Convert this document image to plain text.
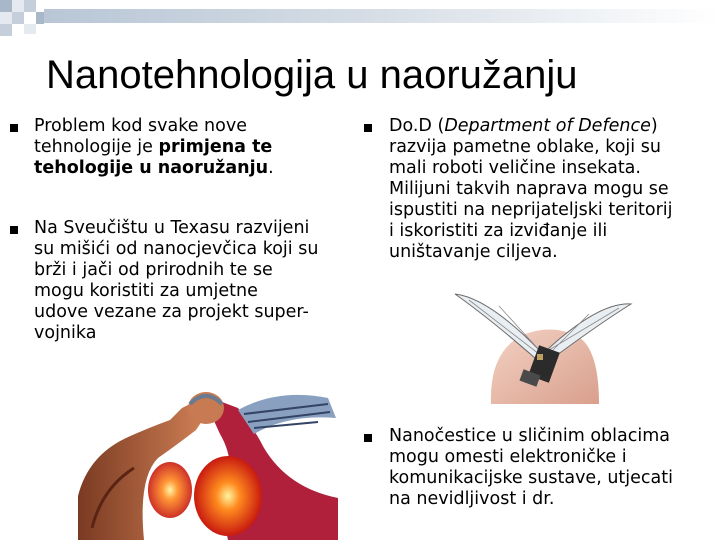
Nanotehnologija u naoružanju
Problem kod svake nove
tehnologije je primjena te
tehologije u naoružanju.
Na Sveučištu u Texasu razvijeni
su mišići od nanocjevčica koji su
brži i jači od prirodnih te se
mogu koristiti za umjetne
udove vezane za projekt super-
vojnika
Do.D (Department of Defence)
razvija pametne oblake, koji su
mali roboti veličine insekata.
Milijuni takvih naprava mogu se
ispustiti na neprijateljski teritorij
i iskoristiti za izviđanje ili
uništavanje ciljeva.
Nanočestice u sličinim oblacima
mogu omesti elektroničke i
komunikacijske sustave, utjecati
na nevidljivost i dr.
